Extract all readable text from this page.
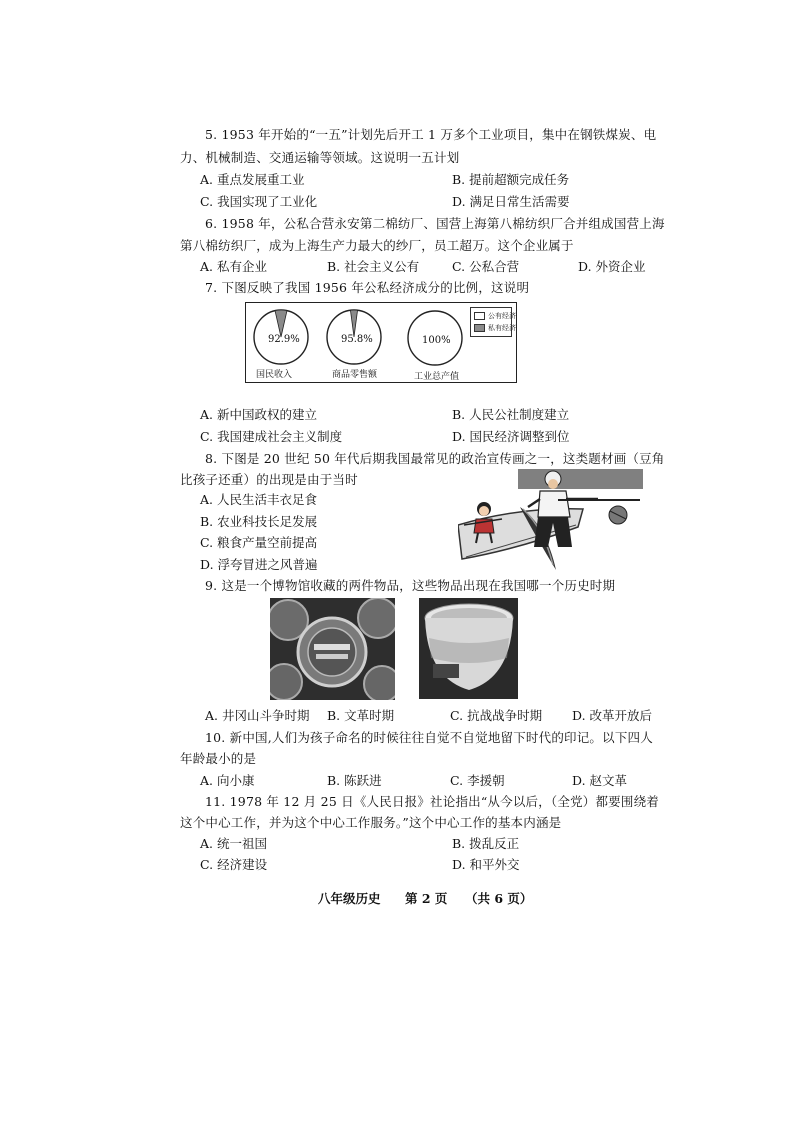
5. 1953 年开始的“一五”计划先后开工 1 万多个工业项目，集中在钢铁煤炭、电
力、机械制造、交通运输等领域。这说明一五计划
A. 重点发展重工业	B. 提前超额完成任务
C. 我国实现了工业化	D. 满足日常生活需要
6. 1958 年，公私合营永安第二棉纺厂、国营上海第八棉纺织厂合并组成国营上海
第八棉纺织厂，成为上海生产力最大的纱厂，员工超万。这个企业属于
A. 私有企业	B. 社会主义公有	C. 公私合营	D. 外资企业
7. 下图反映了我国 1956 年公私经济成分的比例，这说明
国民收入	商品零售额	工业总产值
92.9%	95.8%	100%
公有经济
私有经济
A. 新中国政权的建立	B. 人民公社制度建立
C. 我国建成社会主义制度	D. 国民经济调整到位
8. 下图是 20 世纪 50 年代后期我国最常见的政治宣传画之一，这类题材画（豆角
比孩子还重）的出现是由于当时
A. 人民生活丰衣足食
B. 农业科技长足发展
C. 粮食产量空前提高
D. 浮夸冒进之风普遍
9. 这是一个博物馆收藏的两件物品，这些物品出现在我国哪一个历史时期
A. 井冈山斗争时期 B. 文革时期	C. 抗战战争时期 D. 改革开放后
10. 新中国,人们为孩子命名的时候往往自觉不自觉地留下时代的印记。以下四人
年龄最小的是
A. 向小康	B. 陈跃进	C. 李援朝	D. 赵文革
11. 1978 年 12 月 25 日《人民日报》社论指出“从今以后，（全党）都要围绕着
这个中心工作，并为这个中心工作服务。”这个中心工作的基本内涵是
A. 统一祖国	B. 拨乱反正
C. 经济建设	D. 和平外交
八年级历史 第 2 页 （共 6 页）
